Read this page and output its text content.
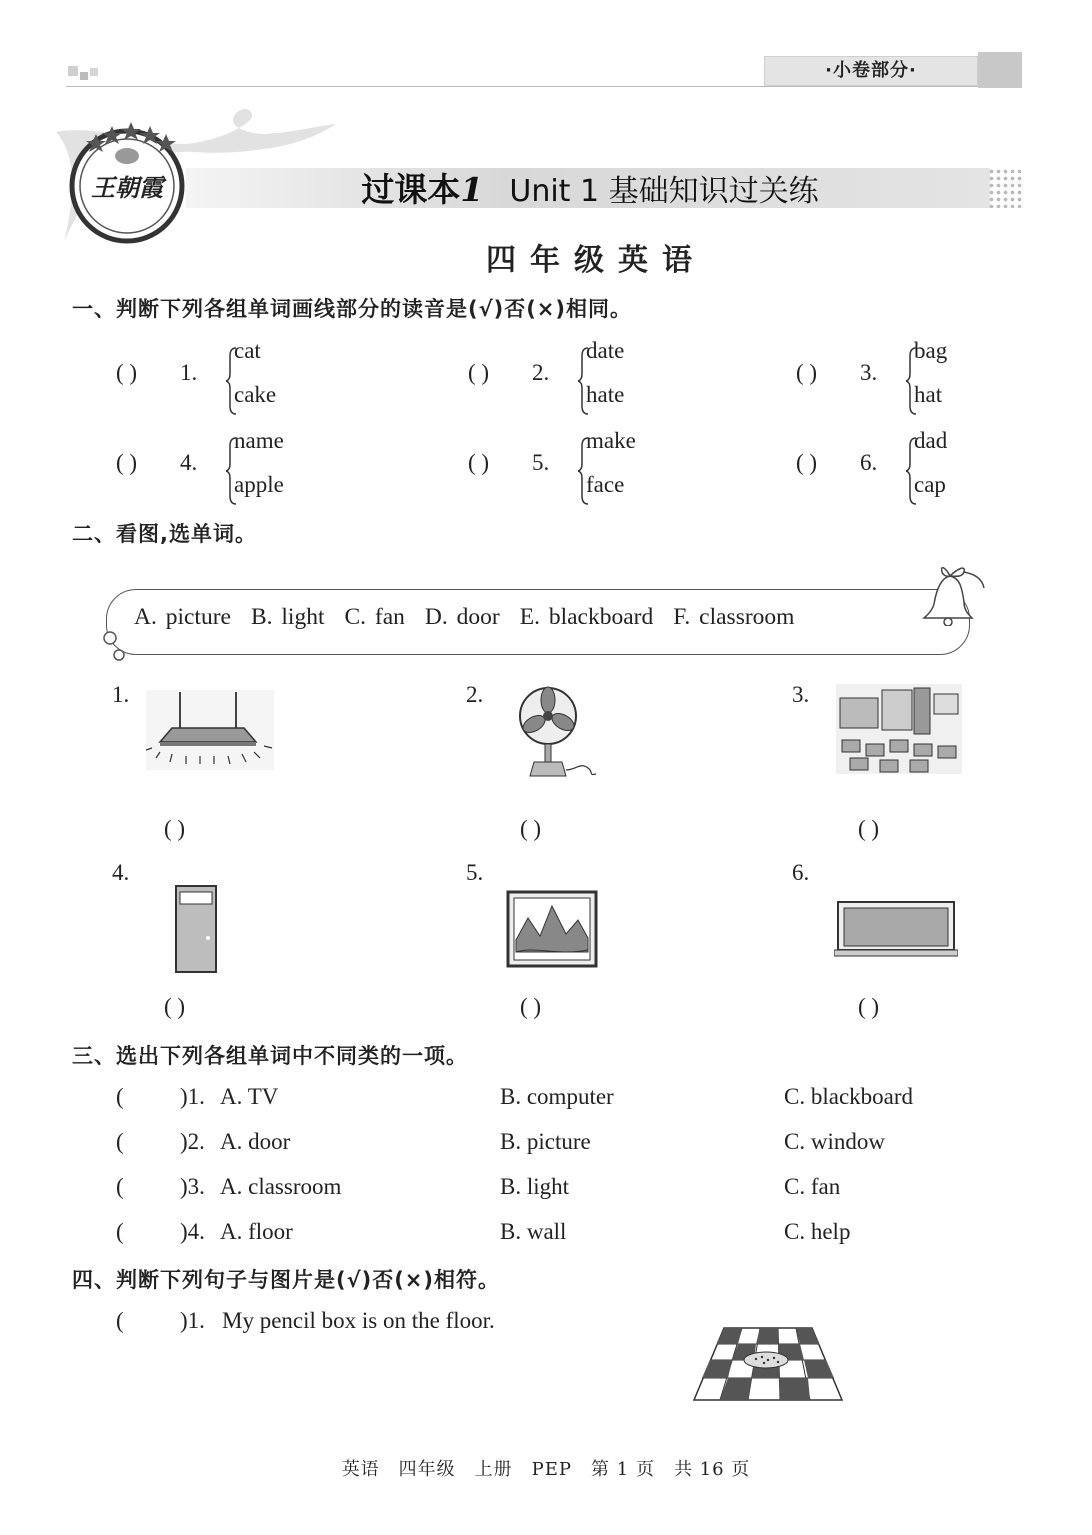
·小卷部分·
王朝霞	过课本1 Unit 1 基础知识过关练
四年级英语
一、判断下列各组单词画线部分的读音是(√)否(×)相同。
( ) 1.
cat
cake
( ) 2.
date
hate
( ) 3.
bag
hat
( ) 4.
name
apple
( ) 5.
make
face
( ) 6.
dad
cap
二、看图,选单词。
A. picture B. light C. fan D. door E. blackboard F. classroom
1.
( )
2.
( )
3.
( )
4.
( )
5.
( )
6.
( )
三、选出下列各组单词中不同类的一项。
( )1. A. TV	B. computer	C. blackboard
( )2. A. door	B. picture	C. window
( )3. A. classroom	B. light	C. fan
( )4. A. floor	B. wall	C. help
四、判断下列句子与图片是(√)否(×)相符。
( )1. My pencil box is on the floor.
英语　四年级　上册　PEP　第 1 页　共 16 页
